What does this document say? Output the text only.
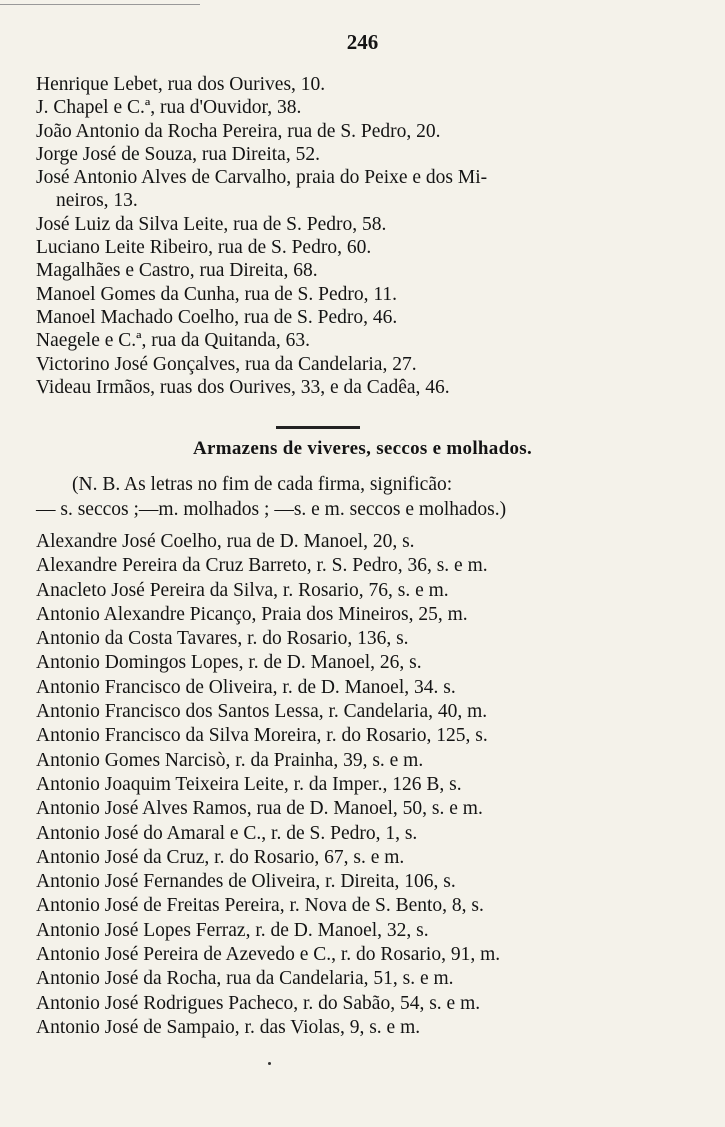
246
Henrique Lebet, rua dos Ourives, 10.
J. Chapel e C.ª, rua d'Ouvidor, 38.
João Antonio da Rocha Pereira, rua de S. Pedro, 20.
Jorge José de Souza, rua Direita, 52.
José Antonio Alves de Carvalho, praia do Peixe e dos Mi-
neiros, 13.
José Luiz da Silva Leite, rua de S. Pedro, 58.
Luciano Leite Ribeiro, rua de S. Pedro, 60.
Magalhães e Castro, rua Direita, 68.
Manoel Gomes da Cunha, rua de S. Pedro, 11.
Manoel Machado Coelho, rua de S. Pedro, 46.
Naegele e C.ª, rua da Quitanda, 63.
Victorino José Gonçalves, rua da Candelaria, 27.
Videau Irmãos, ruas dos Ourives, 33, e da Cadêa, 46.
Armazens de viveres, seccos e molhados.
(N. B. As letras no fim de cada firma, significão:
— s. seccos ;—m. molhados ; —s. e m. seccos e molhados.)
Alexandre José Coelho, rua de D. Manoel, 20, s.
Alexandre Pereira da Cruz Barreto, r. S. Pedro, 36, s. e m.
Anacleto José Pereira da Silva, r. Rosario, 76, s. e m.
Antonio Alexandre Picanço, Praia dos Mineiros, 25, m.
Antonio da Costa Tavares, r. do Rosario, 136, s.
Antonio Domingos Lopes, r. de D. Manoel, 26, s.
Antonio Francisco de Oliveira, r. de D. Manoel, 34. s.
Antonio Francisco dos Santos Lessa, r. Candelaria, 40, m.
Antonio Francisco da Silva Moreira, r. do Rosario, 125, s.
Antonio Gomes Narcisò, r. da Prainha, 39, s. e m.
Antonio Joaquim Teixeira Leite, r. da Imper., 126 B, s.
Antonio José Alves Ramos, rua de D. Manoel, 50, s. e m.
Antonio José do Amaral e C., r. de S. Pedro, 1, s.
Antonio José da Cruz, r. do Rosario, 67, s. e m.
Antonio José Fernandes de Oliveira, r. Direita, 106, s.
Antonio José de Freitas Pereira, r. Nova de S. Bento, 8, s.
Antonio José Lopes Ferraz, r. de D. Manoel, 32, s.
Antonio José Pereira de Azevedo e C., r. do Rosario, 91, m.
Antonio José da Rocha, rua da Candelaria, 51, s. e m.
Antonio José Rodrigues Pacheco, r. do Sabão, 54, s. e m.
Antonio José de Sampaio, r. das Violas, 9, s. e m.
